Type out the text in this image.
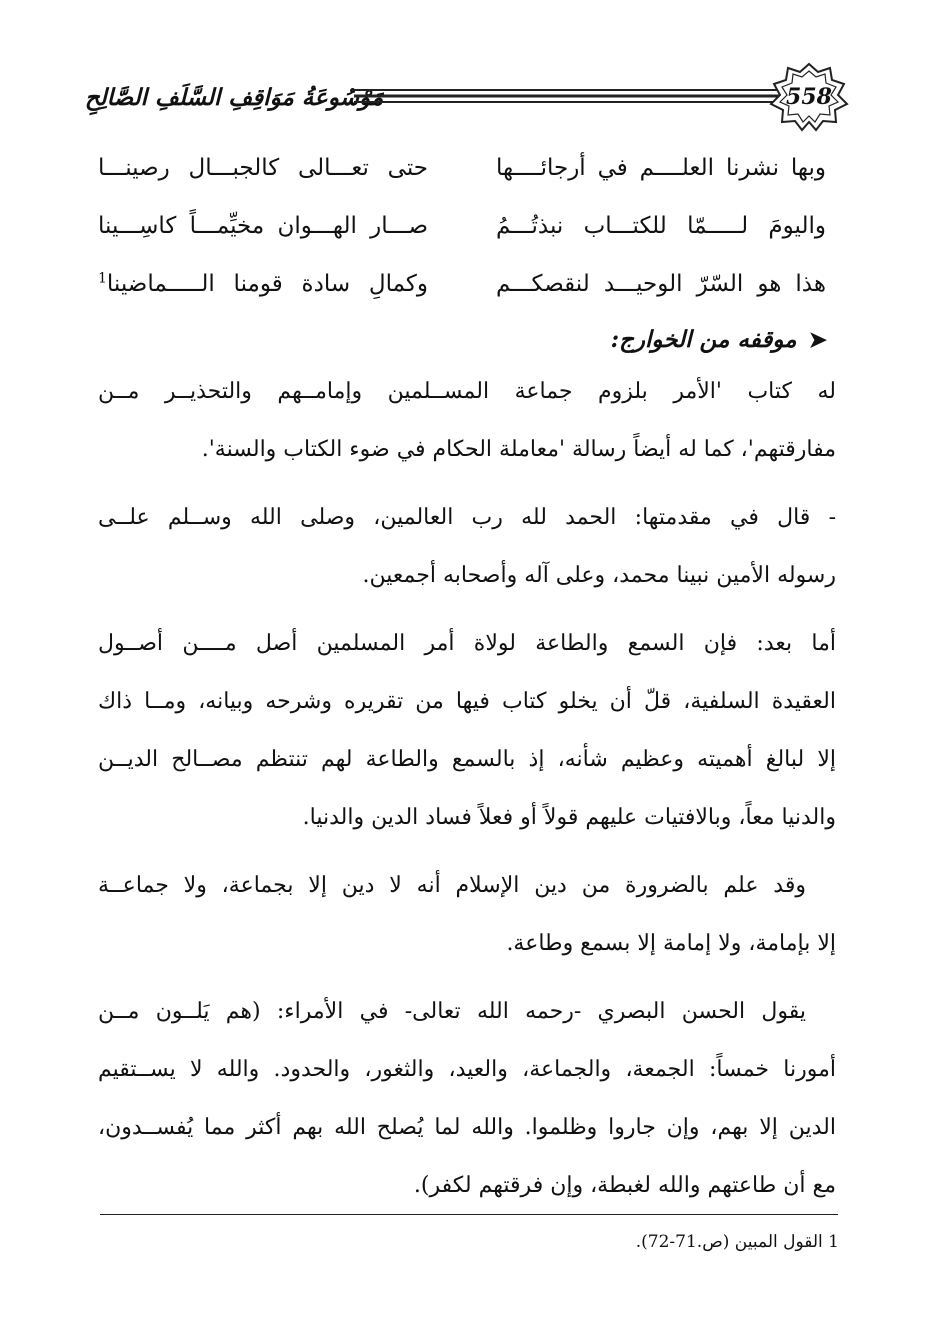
مَوْسُوعَةُ مَوَاقِفِ السَّلَفِ الصَّالِحِ	558
وبها نشرنا العلــــم في أرجائــــها
حتى تعـــالى كالجبـــال رصينـــا
واليومَ لـــــمّا للكتـــاب نبذتُـــمُ
صـــار الهـــوان مخيِّمـــاً كاسِـــينا
هذا هو السّرّ الوحيـــد لنقصكـــم
وكمالِ سادة قومنا الـــــماضينا$^1$
➤موقفه من الخوارج:
له كتاب 'الأمر بلزوم جماعة المســلمين وإمامــهم والتحذيــر مــن
مفارقتهم'، كما له أيضاً رسالة 'معاملة الحكام في ضوء الكتاب والسنة'.
- قال في مقدمتها: الحمد لله رب العالمين، وصلى الله وســلم علــى
رسوله الأمين نبينا محمد، وعلى آله وأصحابه أجمعين.
أما بعد: فإن السمع والطاعة لولاة أمر المسلمين أصل مــــن أصــول
العقيدة السلفية، قلّ أن يخلو كتاب فيها من تقريره وشرحه وبيانه، ومــا ذاك
إلا لبالغ أهميته وعظيم شأنه، إذ بالسمع والطاعة لهم تنتظم مصــالح الديــن
والدنيا معاً، وبالافتيات عليهم قولاً أو فعلاً فساد الدين والدنيا.
وقد علم بالضرورة من دين الإسلام أنه لا دين إلا بجماعة، ولا جماعــة
إلا بإمامة، ولا إمامة إلا بسمع وطاعة.
يقول الحسن البصري -رحمه الله تعالى- في الأمراء: (هم يَلــون مــن
أمورنا خمساً: الجمعة، والجماعة، والعيد، والثغور، والحدود. والله لا يســتقيم
الدين إلا بهم، وإن جاروا وظلموا. والله لما يُصلح الله بهم أكثر مما يُفســدون،
مع أن طاعتهم والله لغبطة، وإن فرقتهم لكفر).
1 القول المبين (ص.71-72).
